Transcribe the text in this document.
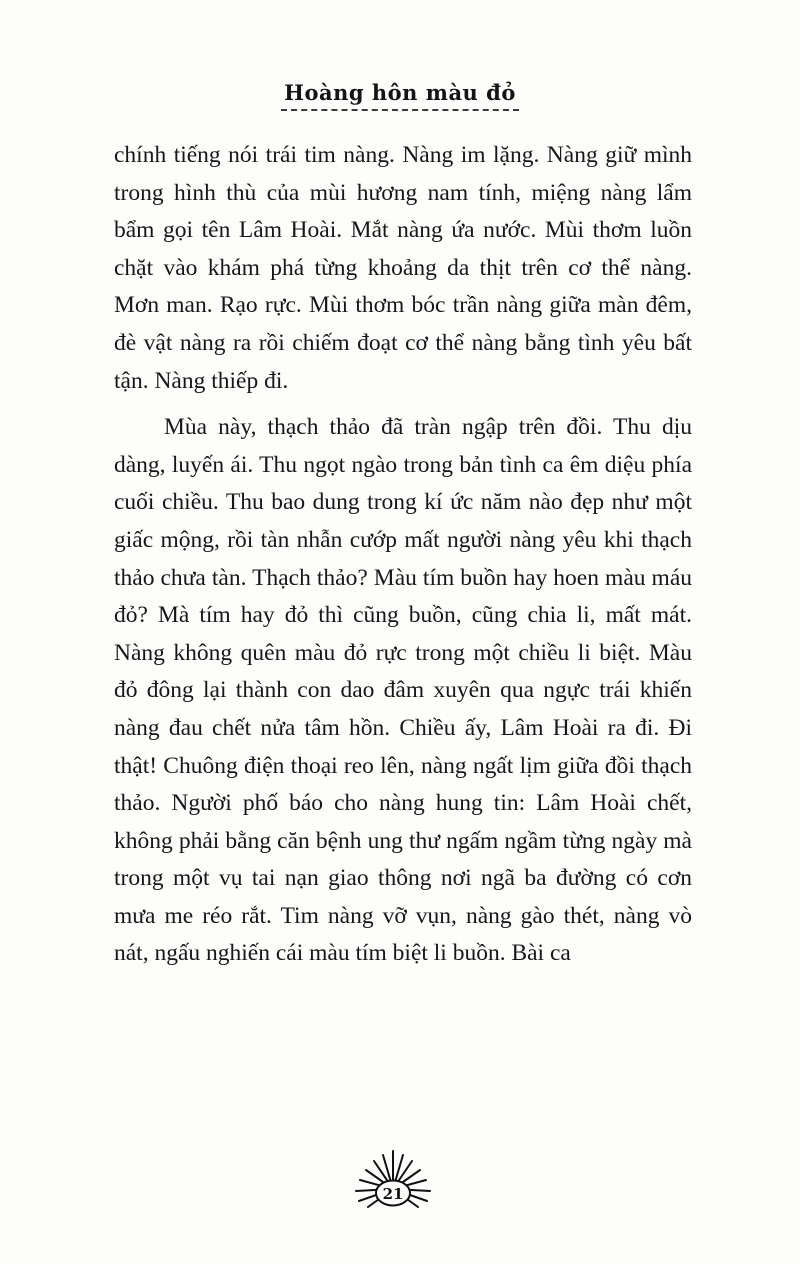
Hoàng hôn màu đỏ

chính tiếng nói trái tim nàng. Nàng im lặng. Nàng giữ mình trong hình thù của mùi hương nam tính, miệng nàng lẩm bẩm gọi tên Lâm Hoài. Mắt nàng ứa nước. Mùi thơm luồn chặt vào khám phá từng khoảng da thịt trên cơ thể nàng. Mơn man. Rạo rực. Mùi thơm bóc trần nàng giữa màn đêm, đè vật nàng ra rồi chiếm đoạt cơ thể nàng bằng tình yêu bất tận. Nàng thiếp đi.

Mùa này, thạch thảo đã tràn ngập trên đồi. Thu dịu dàng, luyến ái. Thu ngọt ngào trong bản tình ca êm diệu phía cuối chiều. Thu bao dung trong kí ức năm nào đẹp như một giấc mộng, rồi tàn nhẫn cướp mất người nàng yêu khi thạch thảo chưa tàn. Thạch thảo? Màu tím buồn hay hoen màu máu đỏ? Mà tím hay đỏ thì cũng buồn, cũng chia li, mất mát. Nàng không quên màu đỏ rực trong một chiều li biệt. Màu đỏ đông lại thành con dao đâm xuyên qua ngực trái khiến nàng đau chết nửa tâm hồn. Chiều ấy, Lâm Hoài ra đi. Đi thật! Chuông điện thoại reo lên, nàng ngất lịm giữa đồi thạch thảo. Người phố báo cho nàng hung tin: Lâm Hoài chết, không phải bằng căn bệnh ung thư ngấm ngầm từng ngày mà trong một vụ tai nạn giao thông nơi ngã ba đường có cơn mưa me réo rắt. Tim nàng vỡ vụn, nàng gào thét, nàng vò nát, ngấu nghiến cái màu tím biệt li buồn. Bài ca

21
